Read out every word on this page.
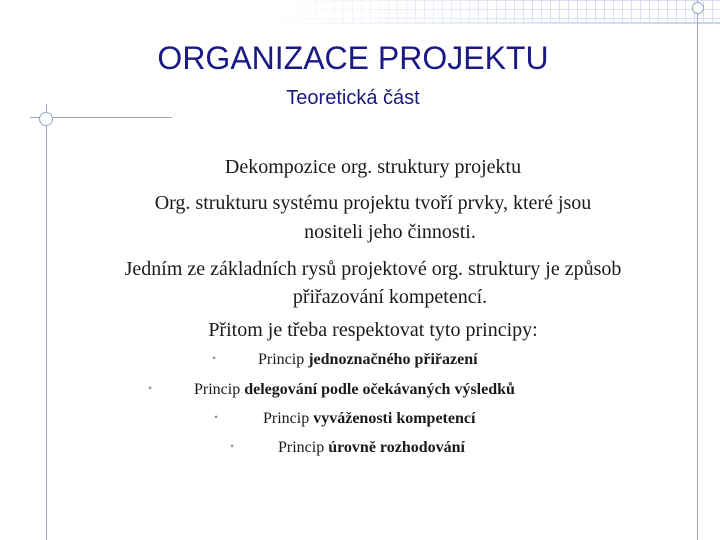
ORGANIZACE PROJEKTU
Teoretická část
Dekompozice org. struktury projektu
Org. strukturu systému projektu tvoří prvky, které jsou
nositeli jeho činnosti.
Jedním ze základních rysů projektové org. struktury je způsob
přiřazování kompetencí.
Přitom je třeba respektovat tyto principy:
•	Princip jednoznačného přiřazení
•	Princip delegování podle očekávaných výsledků
•	Princip vyváženosti kompetencí
•	Princip úrovně rozhodování
